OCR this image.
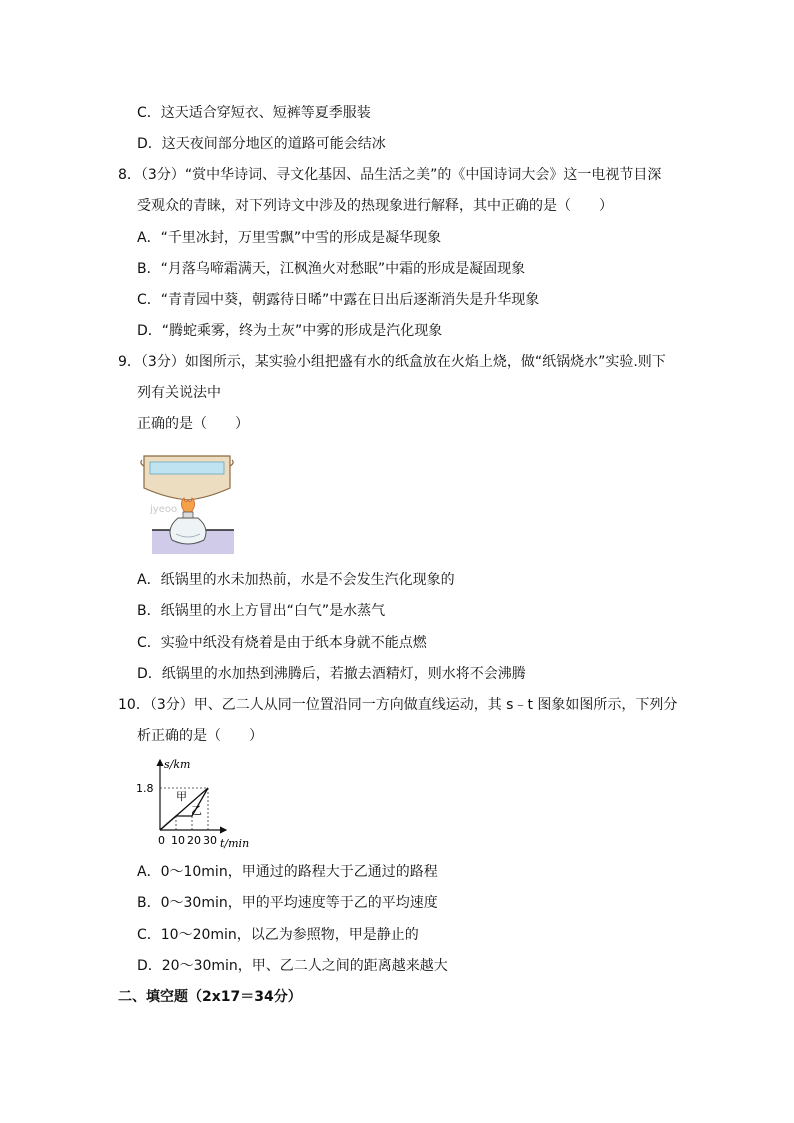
C．这天适合穿短衣、短裤等夏季服装
D．这天夜间部分地区的道路可能会结冰
8．（3分）“赏中华诗词、寻文化基因、品生活之美”的《中国诗词大会》这一电视节目深
受观众的青睐，对下列诗文中涉及的热现象进行解释，其中正确的是（　　）
A．“千里冰封，万里雪飘”中雪的形成是凝华现象
B．“月落乌啼霜满天，江枫渔火对愁眠”中霜的形成是凝固现象
C．“青青园中葵，朝露待日晞”中露在日出后逐渐消失是升华现象
D．“腾蛇乘雾，终为土灰”中雾的形成是汽化现象
9．（3分）如图所示，某实验小组把盛有水的纸盒放在火焰上烧，做“纸锅烧水”实验.则下
列有关说法中
正确的是（　　）
jyeoo
A．纸锅里的水未加热前，水是不会发生汽化现象的
B．纸锅里的水上方冒出“白气”是水蒸气
C．实验中纸没有烧着是由于纸本身就不能点燃
D．纸锅里的水加热到沸腾后，若撤去酒精灯，则水将不会沸腾
10．（3分）甲、乙二人从同一位置沿同一方向做直线运动，其 s﹣t 图象如图所示，下列分
析正确的是（　　）
s/km
t/min
0 10 20 30
1.8
甲
乙
A．0～10min，甲通过的路程大于乙通过的路程
B．0～30min，甲的平均速度等于乙的平均速度
C．10～20min，以乙为参照物，甲是静止的
D．20～30min，甲、乙二人之间的距离越来越大
二、填空题（2x17＝34分）
